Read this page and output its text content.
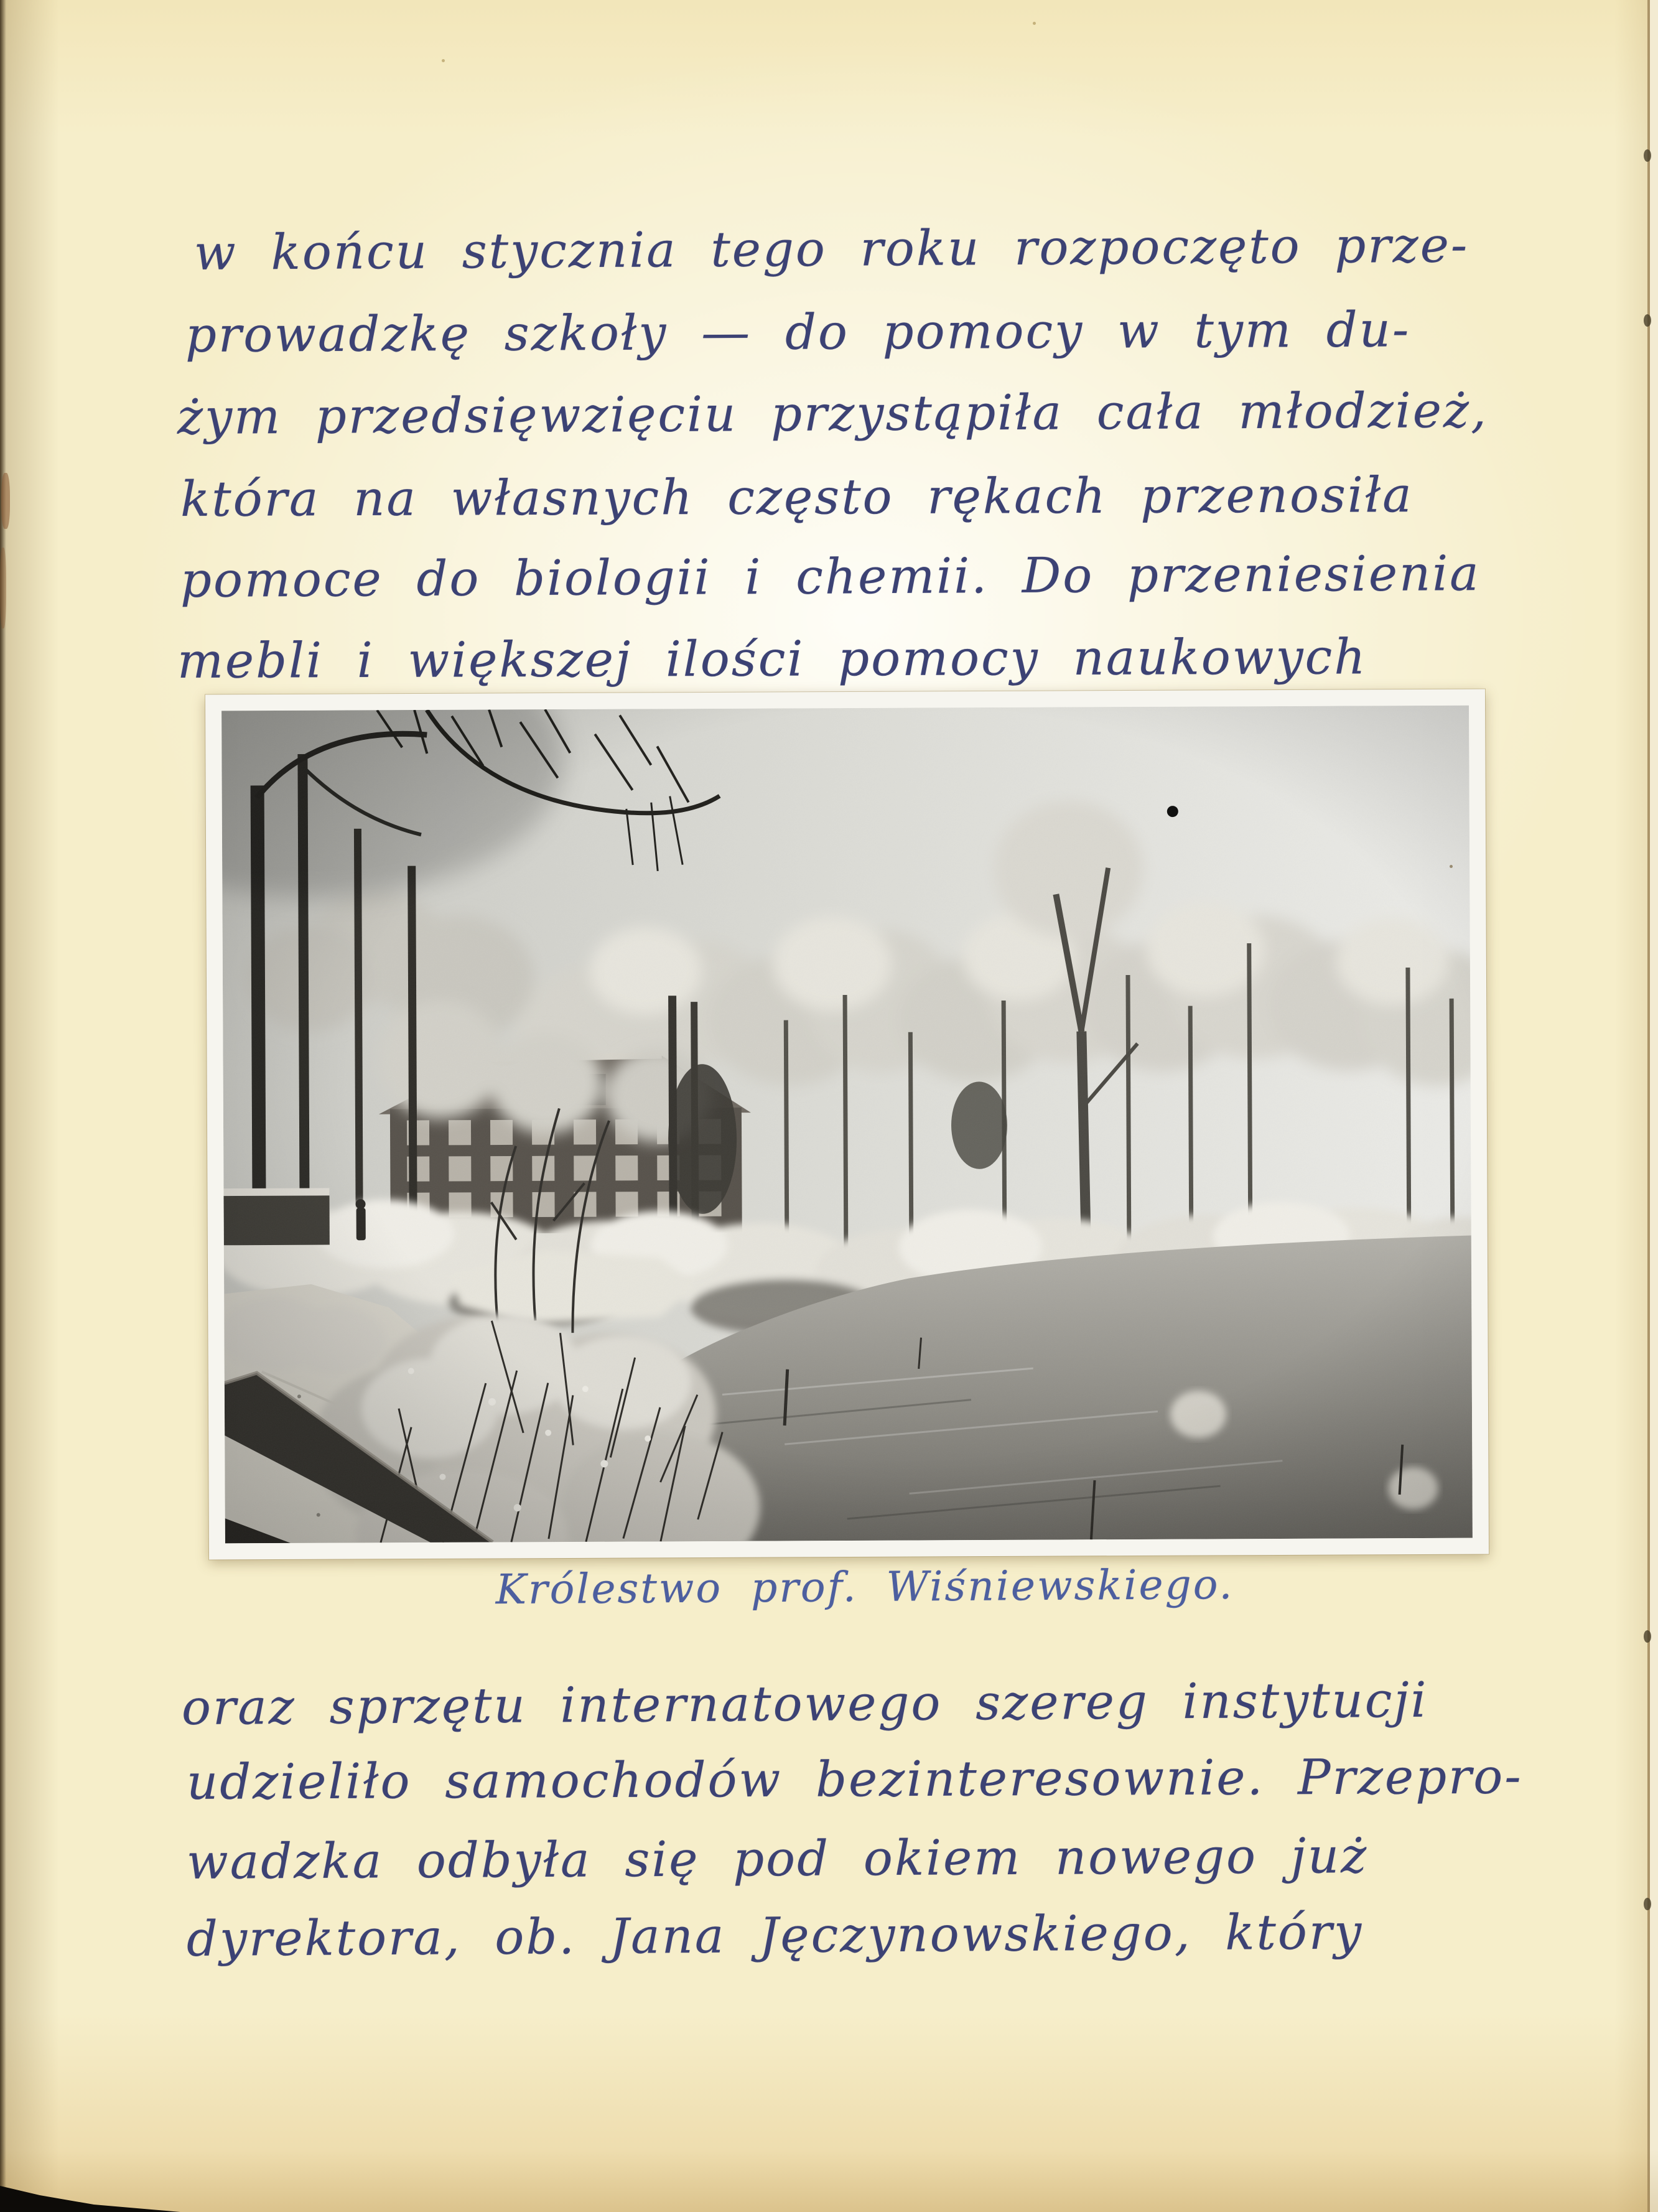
w końcu stycznia tego roku rozpoczęto prze-
prowadzkę szkoły — do pomocy w tym du-
żym przedsięwzięciu przystąpiła cała młodzież,
która na własnych często rękach przenosiła
pomoce do biologii i chemii. Do przeniesienia
mebli i większej ilości pomocy naukowych
Królestwo prof. Wiśniewskiego.
oraz sprzętu internatowego szereg instytucji
udzieliło samochodów bezinteresownie. Przepro-
wadzka odbyła się pod okiem nowego już
dyrektora, ob. Jana Jęczynowskiego, który
